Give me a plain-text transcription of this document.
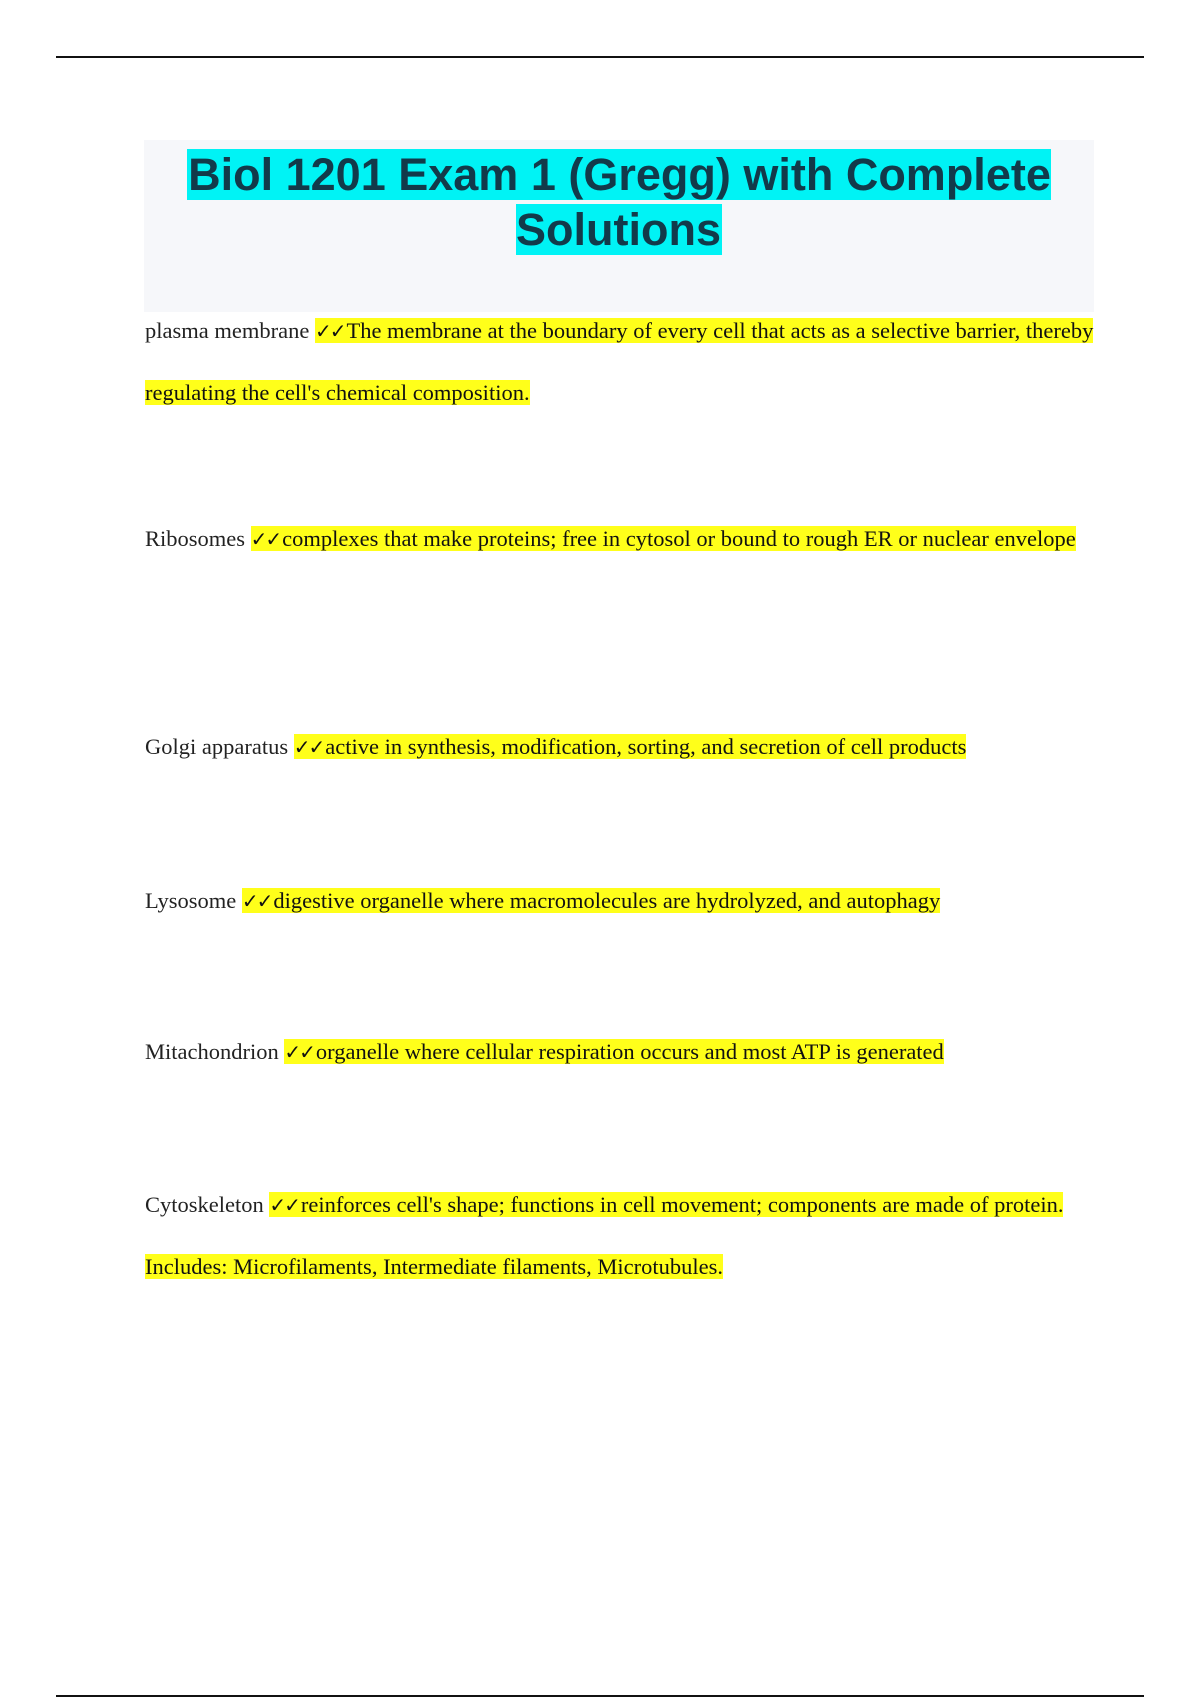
Biol 1201 Exam 1 (Gregg) with Complete Solutions

plasma membrane ✓✓The membrane at the boundary of every cell that acts as a selective barrier, thereby regulating the cell's chemical composition.

Ribosomes ✓✓complexes that make proteins; free in cytosol or bound to rough ER or nuclear envelope

Golgi apparatus ✓✓active in synthesis, modification, sorting, and secretion of cell products

Lysosome ✓✓digestive organelle where macromolecules are hydrolyzed, and autophagy

Mitachondrion ✓✓organelle where cellular respiration occurs and most ATP is generated

Cytoskeleton ✓✓reinforces cell's shape; functions in cell movement; components are made of protein. Includes: Microfilaments, Intermediate filaments, Microtubules.
